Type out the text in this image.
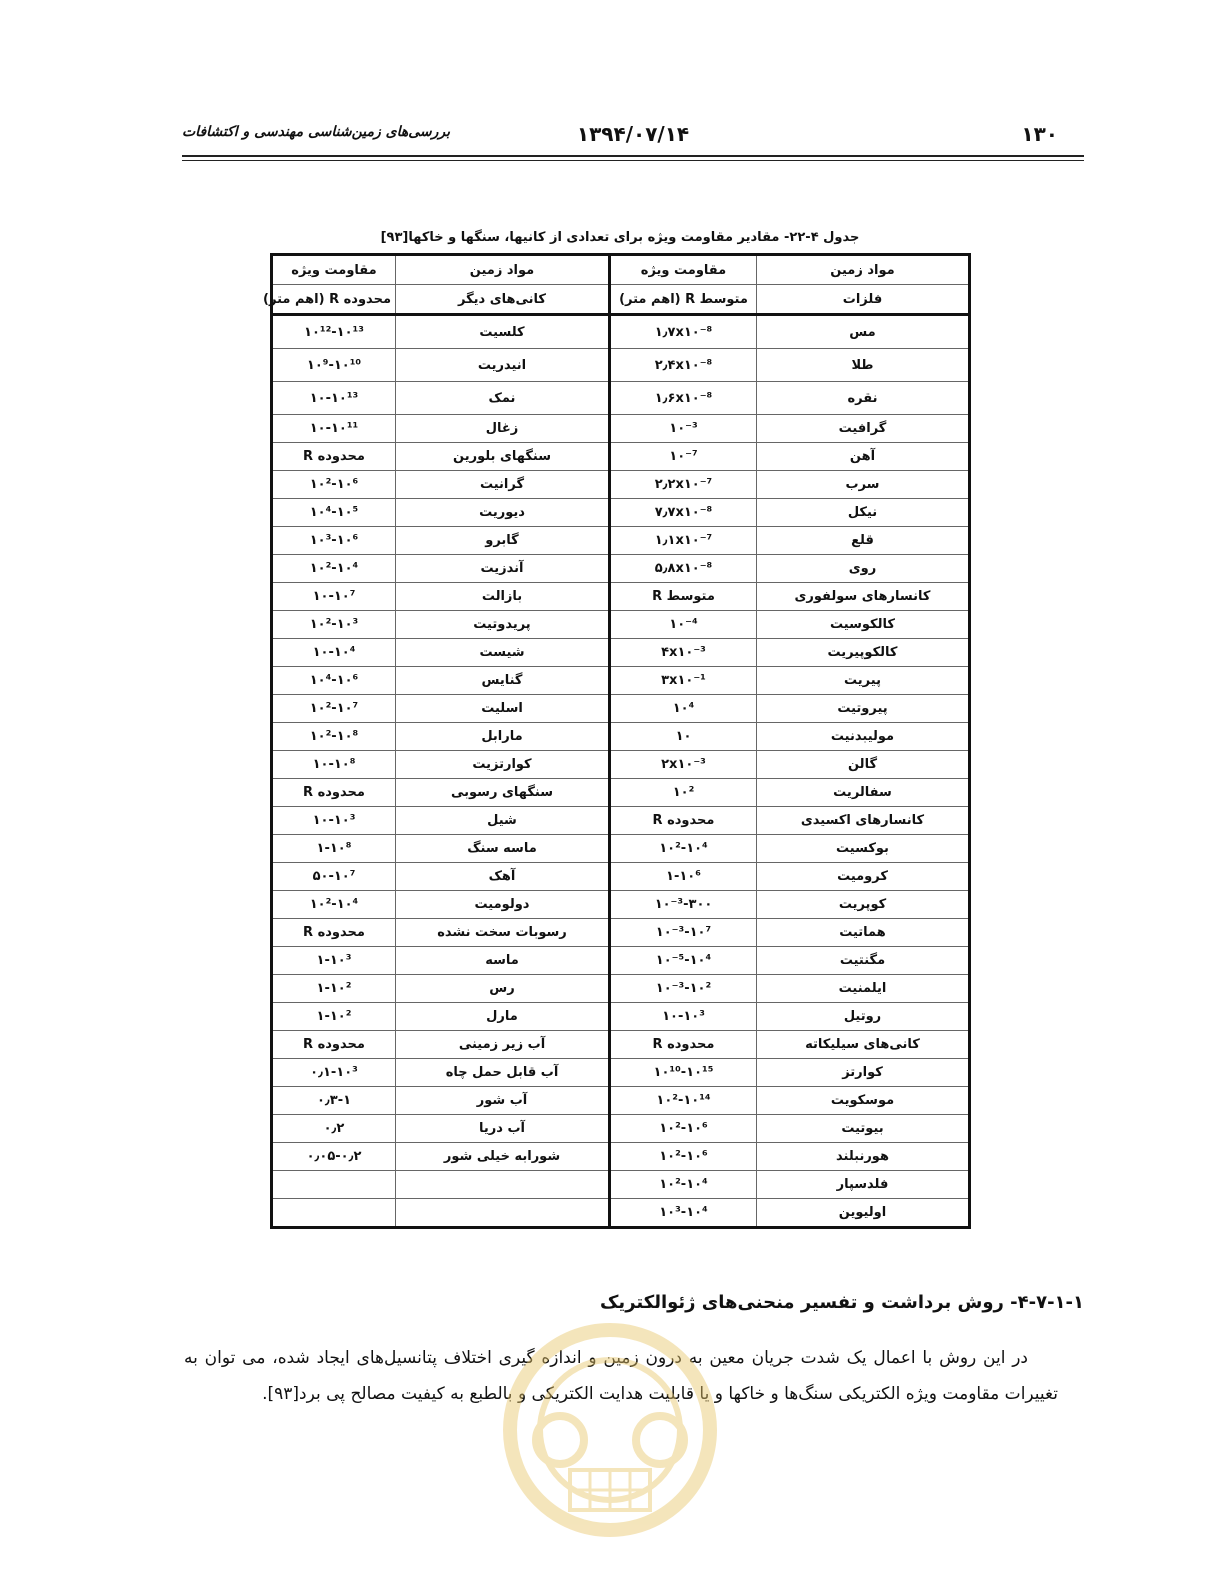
۱۳۰
۱۳۹۴/۰۷/۱۴
بررسی‌های زمین‌شناسی مهندسی و اکتشافات
جدول ۴-۲۲- مقادیر مقاومت ویژه برای تعدادی از کانیها، سنگها و خاکها[۹۳]
مواد زمین	مقاومت ویژه	مواد زمین	مقاومت ویژه
فلزات	متوسط R (اهم متر)	کانی‌های دیگر	محدوده R (اهم متر)
مس	۱٫۷x۱۰⁻⁸	کلسیت	۱۰¹²-۱۰¹³
طلا	۲٫۴x۱۰⁻⁸	انیدریت	۱۰⁹-۱۰¹⁰
نقره	۱٫۶x۱۰⁻⁸	نمک	۱۰-۱۰¹³
گرافیت	۱۰⁻³	زغال	۱۰-۱۰¹¹
آهن	۱۰⁻⁷	سنگهای بلورین	محدوده R
سرب	۲٫۲x۱۰⁻⁷	گرانیت	۱۰²-۱۰⁶
نیکل	۷٫۷x۱۰⁻⁸	دیوریت	۱۰⁴-۱۰⁵
قلع	۱٫۱x۱۰⁻⁷	گابرو	۱۰³-۱۰⁶
روی	۵٫۸x۱۰⁻⁸	آندزیت	۱۰²-۱۰⁴
کانسارهای سولفوری	متوسط R	بازالت	۱۰-۱۰⁷
کالکوسیت	۱۰⁻⁴	پریدوتیت	۱۰²-۱۰³
کالکوپیریت	۴x۱۰⁻³	شیست	۱۰-۱۰⁴
پیریت	۳x۱۰⁻¹	گنایس	۱۰⁴-۱۰⁶
پیروتیت	۱۰⁴	اسلیت	۱۰²-۱۰⁷
مولیبدنیت	۱۰	مارابل	۱۰²-۱۰⁸
گالن	۲x۱۰⁻³	کوارتزیت	۱۰-۱۰⁸
سفالریت	۱۰²	سنگهای رسوبی	محدوده R
کانسارهای اکسیدی	محدوده R	شیل	۱۰-۱۰³
بوکسیت	۱۰²-۱۰⁴	ماسه سنگ	۱-۱۰⁸
کرومیت	۱-۱۰⁶	آهک	۵۰-۱۰⁷
کوپریت	۱۰⁻³-۳۰۰	دولومیت	۱۰²-۱۰⁴
هماتیت	۱۰⁻³-۱۰⁷	رسوبات سخت نشده	محدوده R
مگنتیت	۱۰⁻⁵-۱۰⁴	ماسه	۱-۱۰³
ایلمنیت	۱۰⁻³-۱۰²	رس	۱-۱۰²
روتیل	۱۰-۱۰³	مارل	۱-۱۰²
کانی‌های سیلیکاته	محدوده R	آب زیر زمینی	محدوده R
کوارتز	۱۰¹⁰-۱۰¹⁵	آب قابل حمل چاه	۰٫۱-۱۰³
موسکویت	۱۰²-۱۰¹⁴	آب شور	۰٫۳-۱
بیوتیت	۱۰²-۱۰⁶	آب دریا	۰٫۲
هورنبلند	۱۰²-۱۰⁶	شورابه خیلی شور	۰٫۰۵-۰٫۲
فلدسپار	۱۰²-۱۰⁴		
اولیوین	۱۰³-۱۰⁴		
۴-۷-۱-۱- روش برداشت و تفسیر منحنی‌های ژئوالکتریک
در این روش با اعمال یک شدت جریان معین به درون زمین و اندازه گیری اختلاف پتانسیل‌های ایجاد شده، می توان به تغییرات مقاومت ویژه الکتریکی سنگ‌ها و خاکها و یا قابلیت هدایت الکتریکی و بالطبع به کیفیت مصالح پی برد[۹۳].
